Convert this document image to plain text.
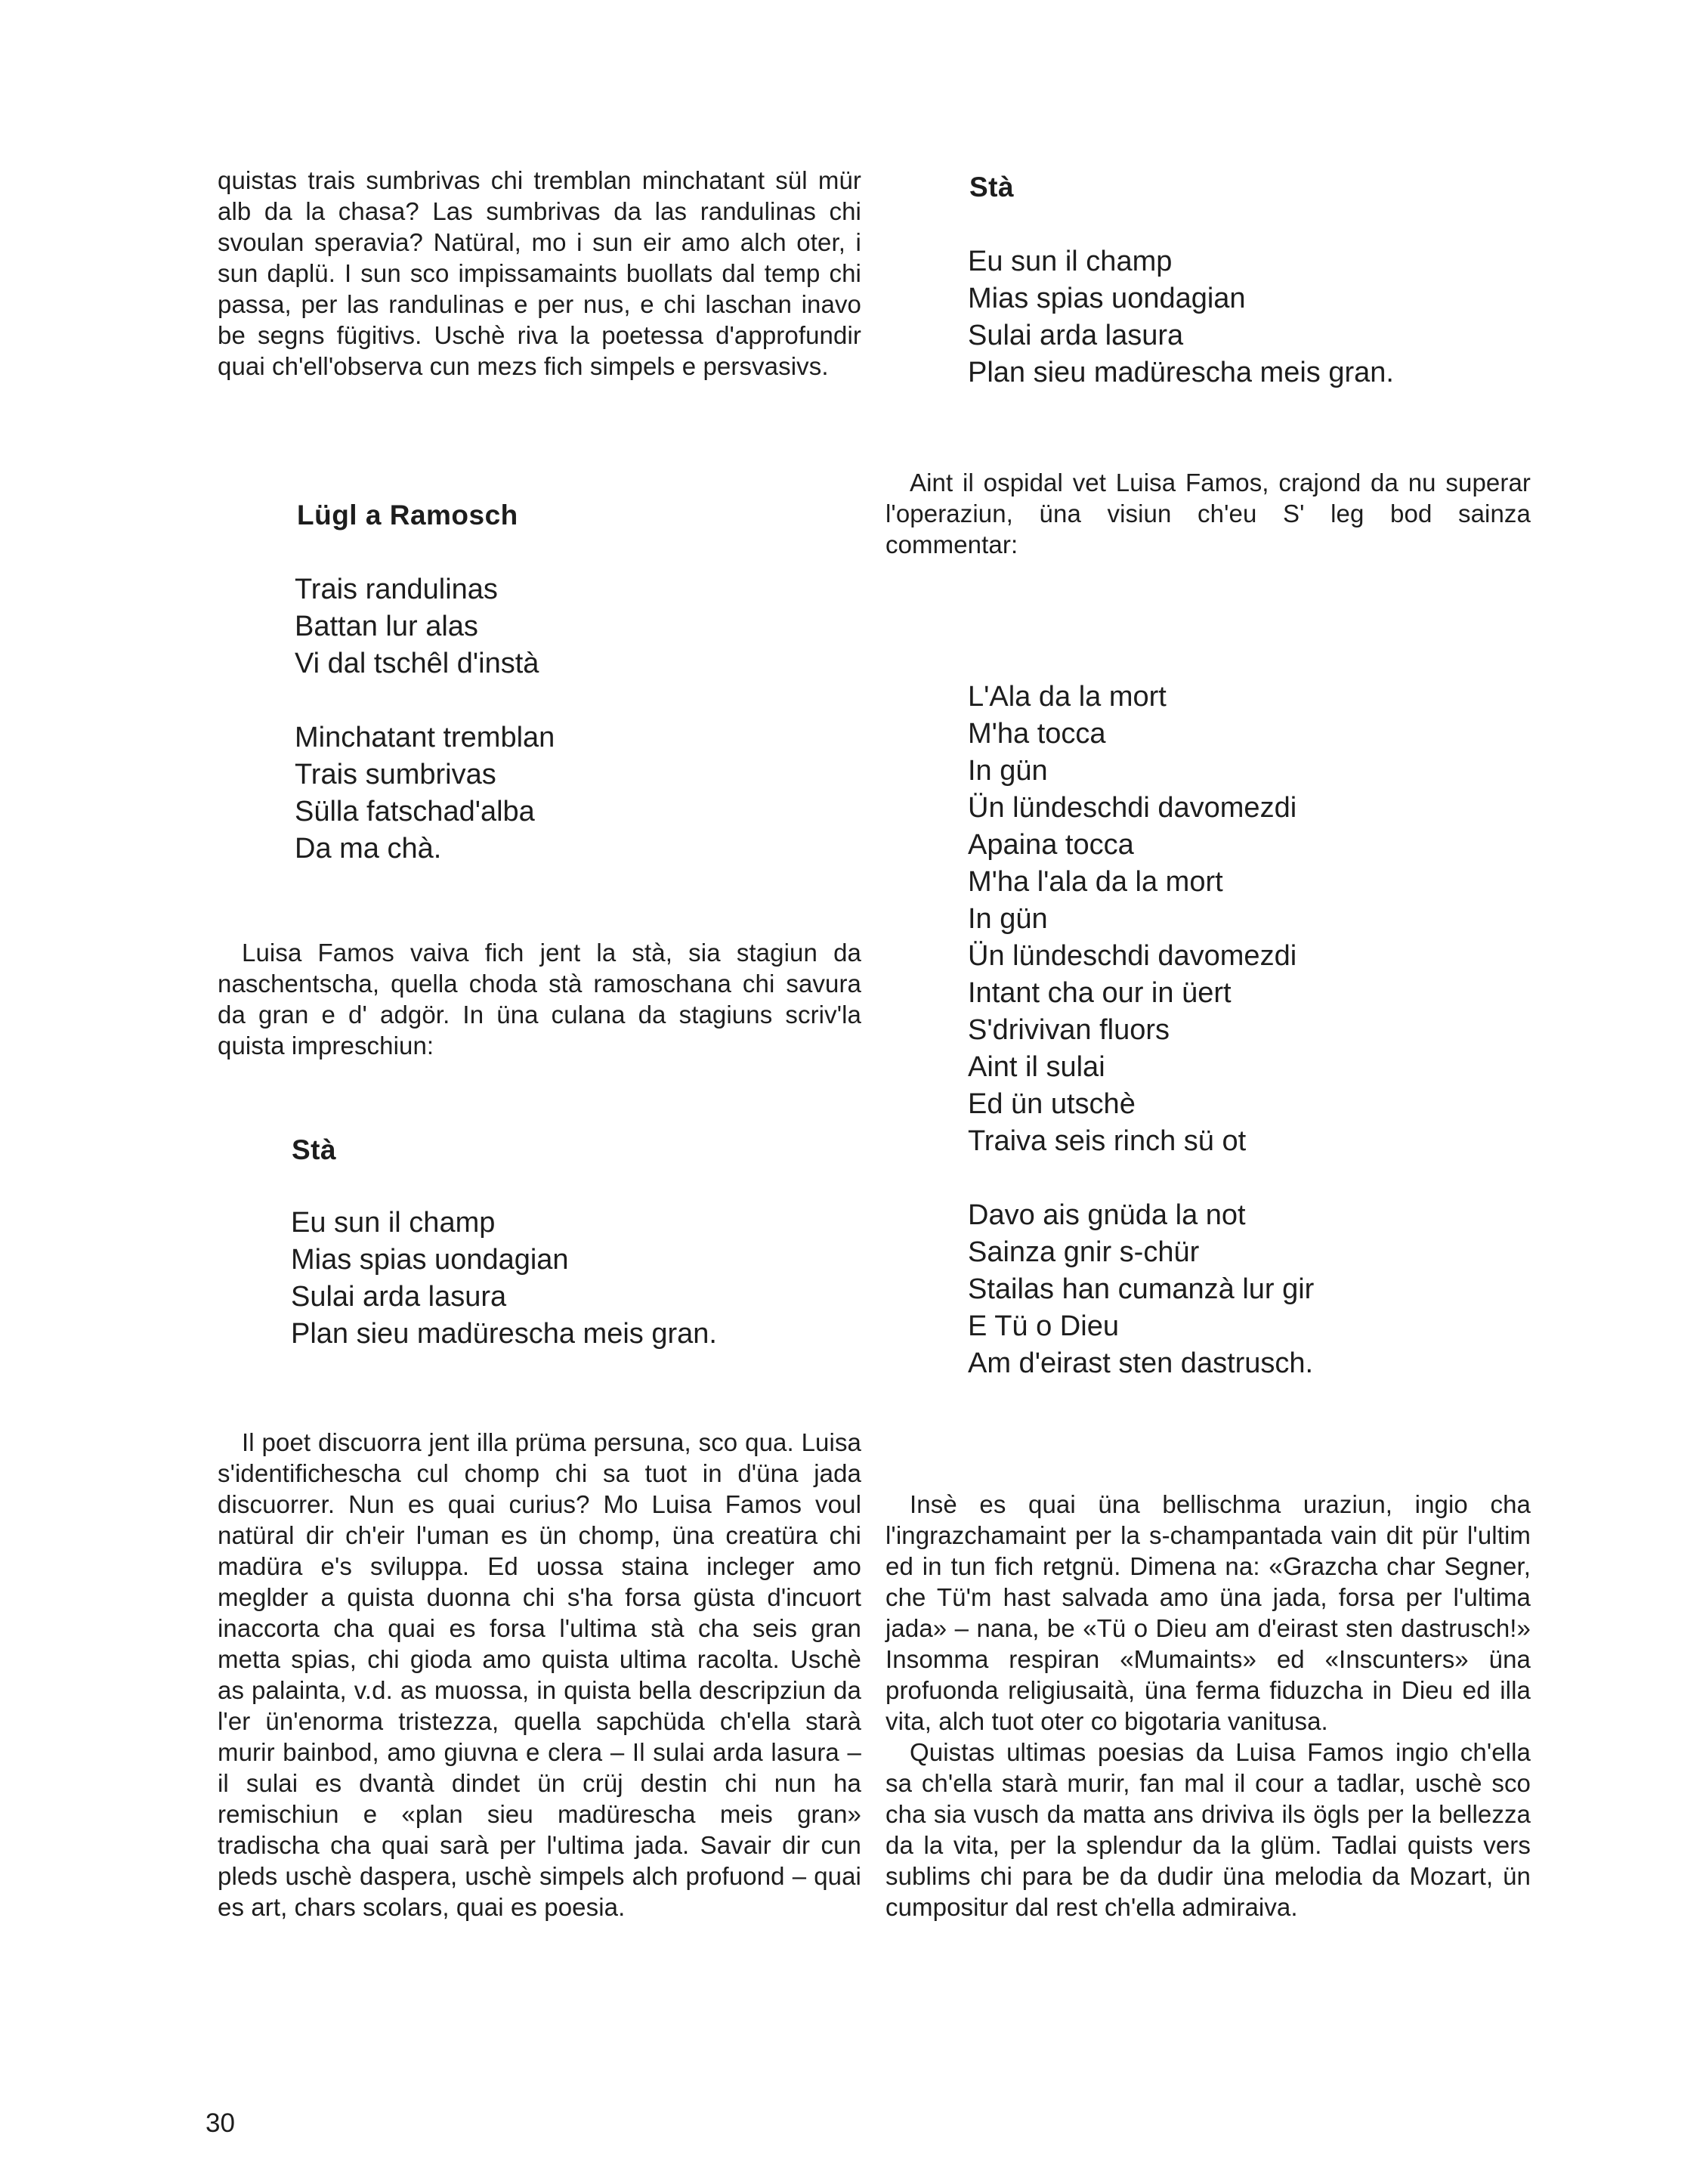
quistas trais sumbrivas chi tremblan minchatant sül mür alb da la chasa? Las sumbrivas da las randulinas chi svoulan speravia? Natüral, mo i sun eir amo alch oter, i sun daplü. I sun sco impissamaints buollats dal temp chi passa, per las randulinas e per nus, e chi laschan inavo be segns fügitivs. Uschè riva la poetessa d'approfundir quai ch'ell'observa cun mezs fich simpels e persvasivs.

Lügl a Ramosch
Trais randulinas
Battan lur alas
Vi dal tschêl d'instà
Minchatant tremblan
Trais sumbrivas
Sülla fatschad'alba
Da ma chà.

Luisa Famos vaiva fich jent la stà, sia stagiun da naschentscha, quella choda stà ramoschana chi savura da gran e d' adgör. In üna culana da stagiuns scriv'la quista impreschiun:

Stà
Eu sun il champ
Mias spias uondagian
Sulai arda lasura
Plan sieu madürescha meis gran.

Il poet discuorra jent illa prüma persuna, sco qua. Luisa s'identifichescha cul chomp chi sa tuot in d'üna jada discuorrer. Nun es quai curius? Mo Luisa Famos voul natüral dir ch'eir l'uman es ün chomp, üna creatüra chi madüra e's sviluppa. Ed uossa staina incleger amo meglder a quista duonna chi s'ha forsa güsta d'incuort inaccorta cha quai es forsa l'ultima stà cha seis gran metta spias, chi gioda amo quista ultima racolta. Uschè as palainta, v.d. as muossa, in quista bella descripziun da l'er ün'enorma tristezza, quella sapchüda ch'ella starà murir bainbod, amo giuvna e clera – Il sulai arda lasura – il sulai es dvantà dindet ün crüj destin chi nun ha remischiun e «plan sieu madürescha meis gran» tradischa cha quai sarà per l'ultima jada. Savair dir cun pleds uschè daspera, uschè simpels alch profuond – quai es art, chars scolars, quai es poesia.

Stà
Eu sun il champ
Mias spias uondagian
Sulai arda lasura
Plan sieu madürescha meis gran.

Aint il ospidal vet Luisa Famos, crajond da nu superar l'operaziun, üna visiun ch'eu S' leg bod sainza commentar:

L'Ala da la mort
M'ha tocca
In gün
Ün lündeschdi davomezdi
Apaina tocca
M'ha l'ala da la mort
In gün
Ün lündeschdi davomezdi
Intant cha our in üert
S'drivivan fluors
Aint il sulai
Ed ün utschè
Traiva seis rinch sü ot
Davo ais gnüda la not
Sainza gnir s-chür
Stailas han cumanzà lur gir
E Tü o Dieu
Am d'eirast sten dastrusch.

Insè es quai üna bellischma uraziun, ingio cha l'ingrazchamaint per la s-champantada vain dit pür l'ultim ed in tun fich retgnü. Dimena na: «Grazcha char Segner, che Tü'm hast salvada amo üna jada, forsa per l'ultima jada» – nana, be «Tü o Dieu am d'eirast sten dastrusch!» Insomma respiran «Mumaints» ed «Inscunters» üna profuonda religiusaità, üna ferma fiduzcha in Dieu ed illa vita, alch tuot oter co bigotaria vanitusa.

Quistas ultimas poesias da Luisa Famos ingio ch'ella sa ch'ella starà murir, fan mal il cour a tadlar, uschè sco cha sia vusch da matta ans driviva ils ögls per la bellezza da la vita, per la splendur da la glüm. Tadlai quists vers sublims chi para be da dudir üna melodia da Mozart, ün cumpositur dal rest ch'ella admiraiva.

30
